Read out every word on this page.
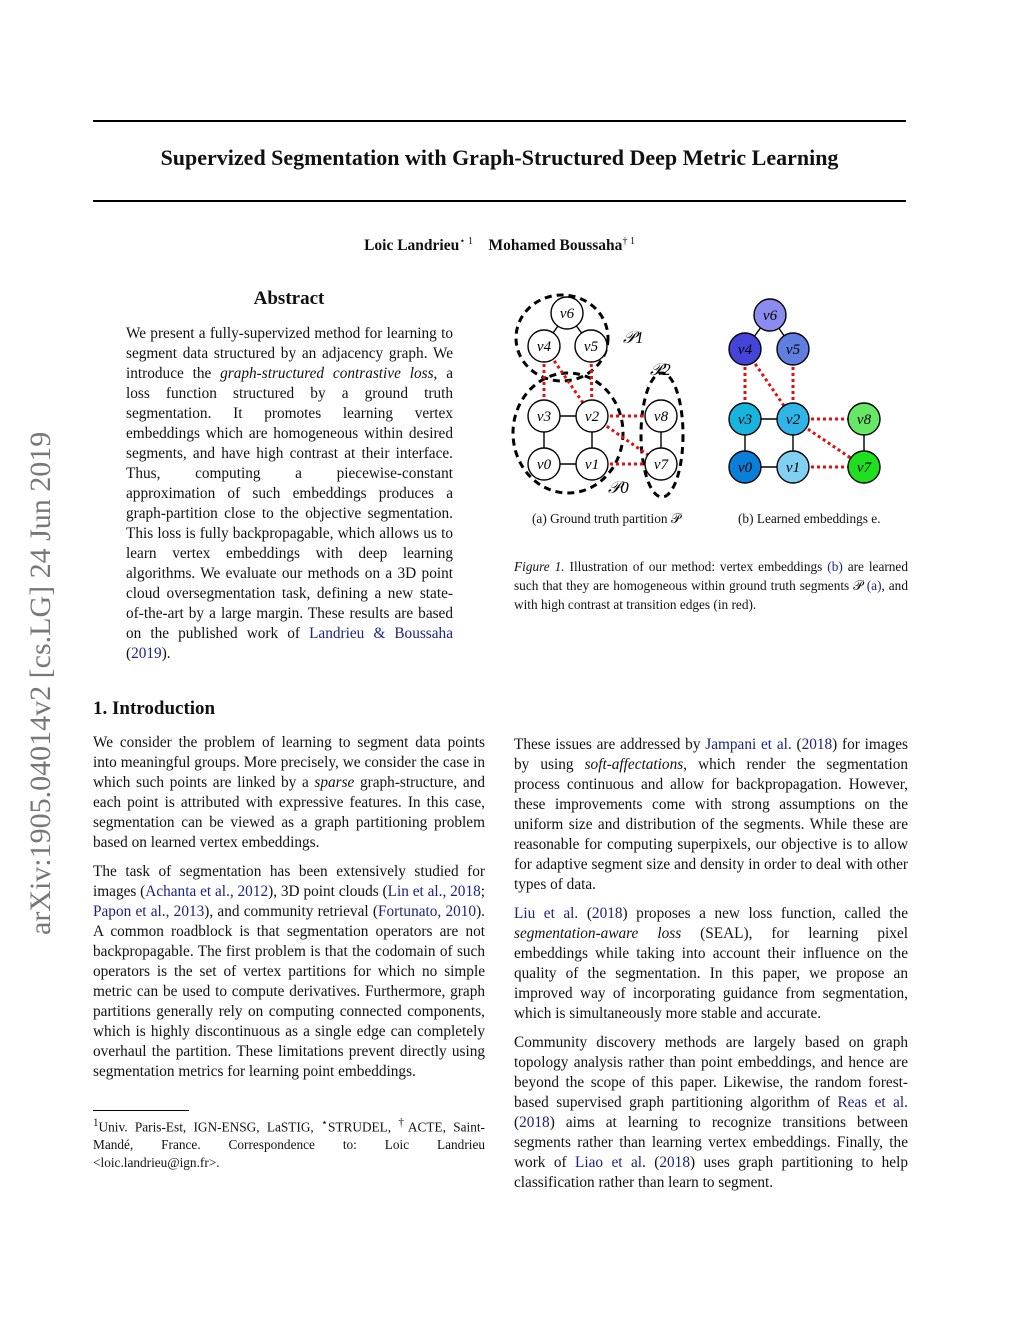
Supervized Segmentation with Graph-Structured Deep Metric Learning
Loic Landrieu$^{⋆ 1}$ Mohamed Boussaha$^{\dagger 1}$
arXiv:1905.04014v2 [cs.LG] 24 Jun 2019
Abstract
We present a fully-supervized method for learning to segment data structured by an adjacency graph. We introduce the graph-structured contrastive loss, a loss function structured by a ground truth segmentation. It promotes learning vertex embeddings which are homogeneous within desired segments, and have high contrast at their interface. Thus, computing a piecewise-constant approximation of such embeddings produces a graph-partition close to the objective segmentation. This loss is fully backpropagable, which allows us to learn vertex embeddings with deep learning algorithms. We evaluate our methods on a 3D point cloud oversegmentation task, defining a new state-of-the-art by a large margin. These results are based on the published work of Landrieu & Boussaha (2019).
v6
v4 v5
v3 v2	v8
v0 v1	v7
𝒫1
𝒫2
𝒫0
v6
v4 v5
v3 v2	v8
v0 v1	v7
(a) Ground truth partition 𝒫	(b) Learned embeddings e.
Figure 1. Illustration of our method: vertex embeddings (b) are learned such that they are homogeneous within ground truth segments 𝒫 (a), and with high contrast at transition edges (in red).
1. Introduction

We consider the problem of learning to segment data points into meaningful groups. More precisely, we consider the case in which such points are linked by a sparse graph-structure, and each point is attributed with expressive features. In this case, segmentation can be viewed as a graph partitioning problem based on learned vertex embeddings.

The task of segmentation has been extensively studied for images (Achanta et al., 2012), 3D point clouds (Lin et al., 2018; Papon et al., 2013), and community retrieval (Fortunato, 2010). A common roadblock is that segmentation operators are not backpropagable. The first problem is that the codomain of such operators is the set of vertex partitions for which no simple metric can be used to compute derivatives. Furthermore, graph partitions generally rely on computing connected components, which is highly discontinuous as a single edge can completely overhaul the partition. These limitations prevent directly using segmentation metrics for learning point embeddings.

$^1$Univ. Paris-Est, IGN-ENSG, LaSTIG, ⋆STRUDEL, †ACTE, Saint-Mandé, France. Correspondence to: Loic Landrieu <loic.landrieu@ign.fr>.

These issues are addressed by Jampani et al. (2018) for images by using soft-affectations, which render the segmentation process continuous and allow for backpropagation. However, these improvements come with strong assumptions on the uniform size and distribution of the segments. While these are reasonable for computing superpixels, our objective is to allow for adaptive segment size and density in order to deal with other types of data.

Liu et al. (2018) proposes a new loss function, called the segmentation-aware loss (SEAL), for learning pixel embeddings while taking into account their influence on the quality of the segmentation. In this paper, we propose an improved way of incorporating guidance from segmentation, which is simultaneously more stable and accurate.

Community discovery methods are largely based on graph topology analysis rather than point embeddings, and hence are beyond the scope of this paper. Likewise, the random forest-based supervised graph partitioning algorithm of Reas et al. (2018) aims at learning to recognize transitions between segments rather than learning vertex embeddings. Finally, the work of Liao et al. (2018) uses graph partitioning to help classification rather than learn to segment.
